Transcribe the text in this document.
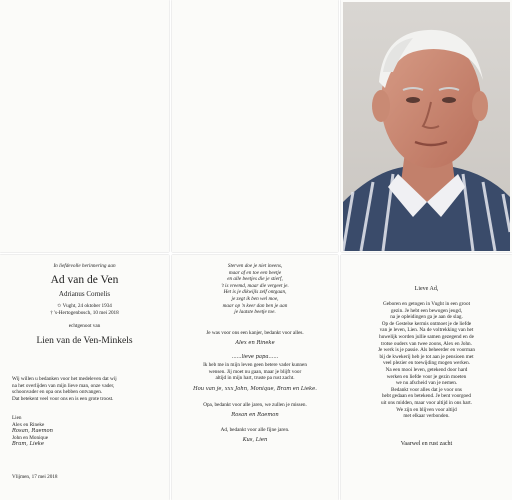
In liefdevolle herinnering aan
Ad van de Ven
Adrianus Cornelis
✩ Vught, 24 oktober 1934
† 's-Hertogenbosch, 10 mei 2018
echtgenoot van
Lien van de Ven-Minkels
Wij willen u bedanken voor het medeleven dat wij
na het overlijden van mijn lieve man, onze vader,
schoonvader en opa ons hebben ontvangen.
Dat betekent veel voor ons en is een grote troost.
Lien
Alex en Rineke
Rosan, Raemon
John en Monique
Bram, Lieke
Vlijmen, 17 mei 2018
Sterven doe je niet ineens,
maar af en toe een beetje
en alle beetjes die je stierf,
't is vreemd, maar die vergeet je.
Het is je dikwijls zelf ontgaan,
je zegt ik ben wel moe,
maar op 'n keer dan ben je aan
je laatste beetje toe.
Je was voor ons een kanjer, bedankt voor alles.
Alex en Rineke
......lieve papa......
Ik heb me in mijn leven geen betere vader kunnen
wensen. Jij moet nu gaan, maar je blijft voor
altijd in mijn hart, truste pa rust zacht.
Hou van je, xxx John, Monique, Bram en Lieke.
Opa, bedankt voor alle jaren, we zullen je missen.
Rosan en Raemon
Ad, bedankt voor alle fijne jaren.
Kus, Lien
Lieve Ad,
Geboren en getogen in Vught in een groot
gezin. Je hebt een bewogen jeugd,
na je opleidingen ga je aan de slag.
Op de Gestelse kermis ontmoet je de liefde
van je leven, Lien. Na de voltrekking van het
huwelijk worden jullie samen gezegend en de
trotse ouders van twee zoons, Alex en John.
Je werk is je passie. Als beheerder en voorman
bij de kwekerij heb je tot aan je pensioen met
veel plezier en toewijding mogen werken.
Na een mooi leven, getekend door hard
werken en liefde voor je gezin moeten
we nu afscheid van je nemen.
Bedankt voor alles dat je voor ons
hebt gedaan en betekend. Je bent voorgoed
uit ons midden, maar voor altijd in ons hart.
We zijn en blijven voor altijd
met elkaar verbonden.
Vaarwel en rust zacht
